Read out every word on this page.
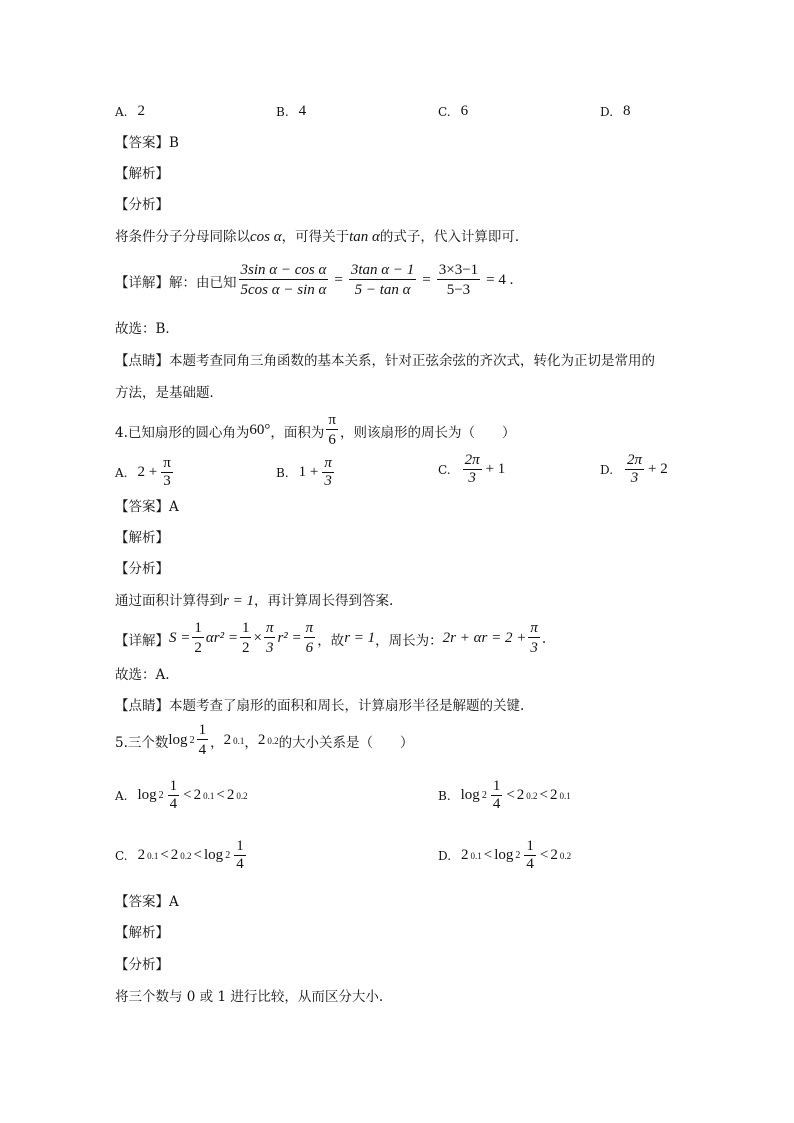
A. 2	B. 4	C. 6	D. 8
【答案】B
【解析】
【分析】
将条件分子分母同除以cos α，可得关于tan α的式子，代入计算即可．
【详解】解：由已知 $\frac{\text{3sin α − cos α}}{\text{5cos α − sin α}} = \frac{\text{3tan α − 1}}{\text{5 − tan α}} = \frac{3\times 3-1}{5-3} = 4$ .
故选：B．
【点睛】本题考查同角三角函数的基本关系，针对正弦余弦的齐次式，转化为正切是常用的
方法，是基础题．
4.已知扇形的圆心角为 60° ，面积为 $\frac{\pi}{6}$ ，则该扇形的周长为（　　）
A. $2 + \frac{\pi}{3}$	B. $1 + \frac{\pi}{3}$	C. $\frac{2\pi}{3} + 1$	D. $\frac{2\pi}{3} + 2$
【答案】A
【解析】
【分析】
通过面积计算得到r = 1，再计算周长得到答案.
【详解】 $S = \frac{1}{2} \alpha r^2 = \frac{1}{2} \times \frac{\pi}{3} r^2 = \frac{\pi}{6}$ ，故 r = 1 ，周长为： $2r + \alpha r = 2 + \frac{\pi}{3}$ .
故选：A.
【点睛】本题考查了扇形的面积和周长，计算扇形半径是解题的关键.
5.三个数 $\log 2 \frac{1}{4}$ ， 2 0.1 ， 2 0.2 的大小关系是（　　）
A. $\log 2 \frac{1}{4} < 2$ 0.1 < 2 0.2	B. $\log 2 \frac{1}{4} < 2$ 0.2 < 2 0.1
C. 2 0.1 < 2 $0.2 < \log 2 \frac{1}{4}$	D. 2 $0.1 < \log 2 \frac{1}{4} < 2$ 0.2
【答案】A
【解析】
【分析】
将三个数与 0 或 1 进行比较，从而区分大小.
